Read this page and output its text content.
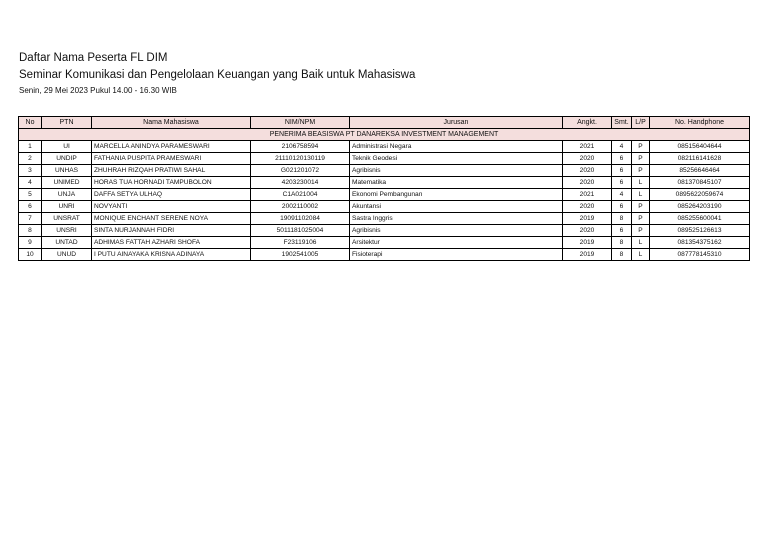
Daftar Nama Peserta FL DIM
Seminar Komunikasi dan Pengelolaan Keuangan yang Baik untuk Mahasiswa
Senin, 29 Mei 2023 Pukul 14.00 - 16.30 WIB
No	PTN	Nama Mahasiswa	NIM/NPM	Jurusan	Angkt.	Smt.	L/P	No. Handphone
PENERIMA BEASISWA PT DANAREKSA INVESTMENT MANAGEMENT								
1	UI	MARCELLA ANINDYA PARAMESWARI	2106758594	Administrasi Negara	2021	4	P	085156404644
2	UNDIP	FATHANIA PUSPITA PRAMESWARI	21110120130119	Teknik Geodesi	2020	6	P	082116141628
3	UNHAS	ZHUHRAH RIZQAH PRATIWI SAHAL	G021201072	Agribisnis	2020	6	P	85256646464
4	UNIMED	HORAS TUA HORNADI TAMPUBOLON	4203230014	Matematika	2020	6	L	081370845107
5	UNJA	DAFFA SETYA ULHAQ	C1A021004	Ekonomi Pembangunan	2021	4	L	0895622059674
6	UNRI	NOVYANTI	2002110002	Akuntansi	2020	6	P	085264203190
7	UNSRAT	MONIQUE ENCHANT SERENE NOYA	19091102084	Sastra Inggris	2019	8	P	085255600041
8	UNSRI	SINTA NURJANNAH FIDRI	5011181025004	Agribisnis	2020	6	P	089525126613
9	UNTAD	ADHIMAS FATTAH AZHARI SHOFA	F23119106	Arsitektur	2019	8	L	081354375162
10	UNUD	I PUTU AINAYAKA KRISNA ADINAYA	1902541005	Fisioterapi	2019	8	L	087778145310
